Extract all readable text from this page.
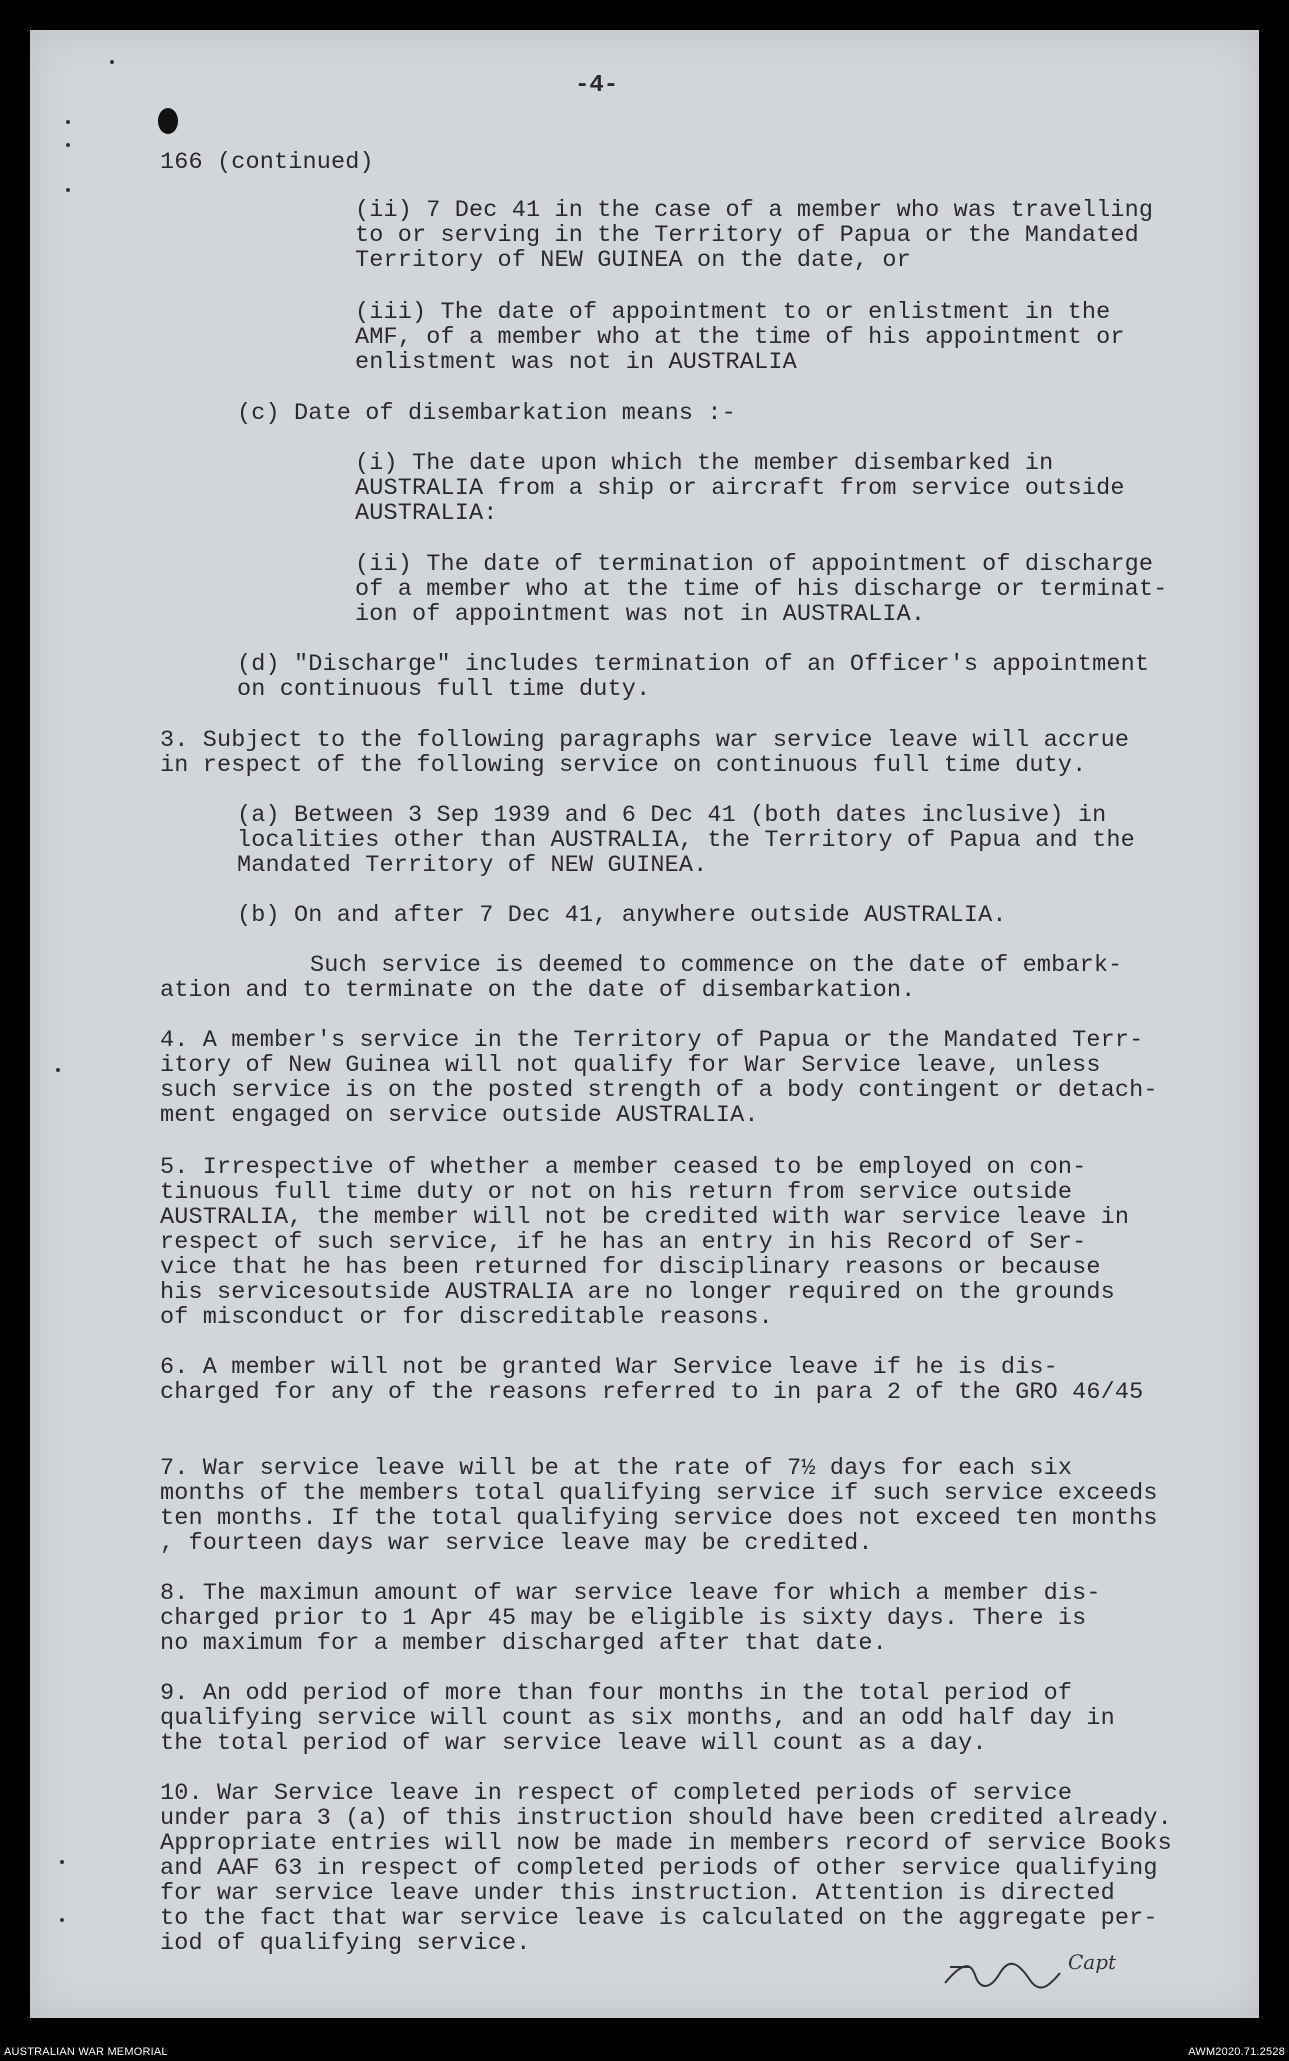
-4-

166 (continued)

(ii) 7 Dec 41 in the case of a member who was travelling

to or serving in the Territory of Papua or the Mandated

Territory of NEW GUINEA on the date, or

(iii) The date of appointment to or enlistment in the

AMF, of a member who at the time of his appointment or

enlistment was not in AUSTRALIA

(c) Date of disembarkation means :-

(i) The date upon which the member disembarked in

AUSTRALIA from a ship or aircraft from service outside

AUSTRALIA:

(ii) The date of termination of appointment of discharge

of a member who at the time of his discharge or terminat-

ion of appointment was not in AUSTRALIA.

(d) "Discharge" includes termination of an Officer's appointment

on continuous full time duty.

3. Subject to the following paragraphs war service leave will accrue

in respect of the following service on continuous full time duty.

(a) Between 3 Sep 1939 and 6 Dec 41 (both dates inclusive) in

localities other than AUSTRALIA, the Territory of Papua and the

Mandated Territory of NEW GUINEA.

(b) On and after 7 Dec 41, anywhere outside AUSTRALIA.

Such service is deemed to commence on the date of embark-

ation and to terminate on the date of disembarkation.

4. A member's service in the Territory of Papua or the Mandated Terr-

itory of New Guinea will not qualify for War Service leave, unless

such service is on the posted strength of a body contingent or detach-

ment engaged on service outside AUSTRALIA.

5. Irrespective of whether a member ceased to be employed on con-

tinuous full time duty or not on his return from service outside

AUSTRALIA, the member will not be credited with war service leave in

respect of such service, if he has an entry in his Record of Ser-

vice that he has been returned for disciplinary reasons or because

his servicesoutside AUSTRALIA are no longer required on the grounds

of misconduct or for discreditable reasons.

6. A member will not be granted War Service leave if he is dis-

charged for any of the reasons referred to in para 2 of the GRO 46/45

7. War service leave will be at the rate of 7½ days for each six

months of the members total qualifying service if such service exceeds

ten months. If the total qualifying service does not exceed ten months

, fourteen days war service leave may be credited.

8. The maximun amount of war service leave for which a member dis-

charged prior to 1 Apr 45 may be eligible is sixty days. There is

no maximum for a member discharged after that date.

9. An odd period of more than four months in the total period of

qualifying service will count as six months, and an odd half day in

the total period of war service leave will count as a day.

10. War Service leave in respect of completed periods of service

under para 3 (a) of this instruction should have been credited already.

Appropriate entries will now be made in members record of service Books

and AAF 63 in respect of completed periods of other service qualifying

for war service leave under this instruction. Attention is directed

to the fact that war service leave is calculated on the aggregate per-

iod of qualifying service.

Capt
AUSTRALIAN WAR MEMORIAL	AWM2020.71.2528
